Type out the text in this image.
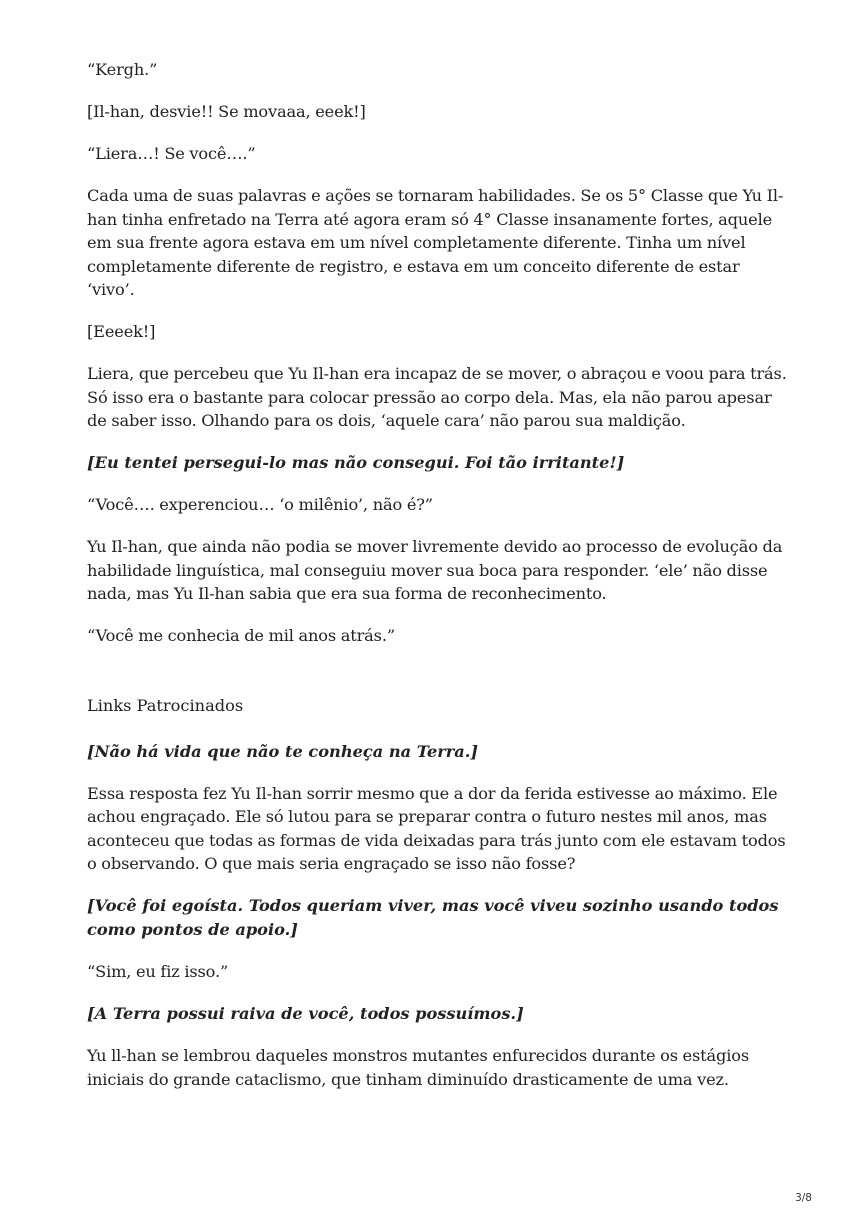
“Kergh.”

[Il-han, desvie!! Se movaaa, eeek!]

“Liera…! Se você….”

Cada uma de suas palavras e ações se tornaram habilidades. Se os 5° Classe que Yu Il-han tinha enfretado na Terra até agora eram só 4° Classe insanamente fortes, aquele em sua frente agora estava em um nível completamente diferente. Tinha um nível completamente diferente de registro, e estava em um conceito diferente de estar ‘vivo’.

[Eeeek!]

Liera, que percebeu que Yu Il-han era incapaz de se mover, o abraçou e voou para trás. Só isso era o bastante para colocar pressão ao corpo dela. Mas, ela não parou apesar de saber isso. Olhando para os dois, ‘aquele cara’ não parou sua maldição.

[Eu tentei persegui-lo mas não consegui. Foi tão irritante!]

“Você…. experenciou… ‘o milênio’, não é?”

Yu Il-han, que ainda não podia se mover livremente devido ao processo de evolução da habilidade linguística, mal conseguiu mover sua boca para responder. ‘ele’ não disse nada, mas Yu Il-han sabia que era sua forma de reconhecimento.

“Você me conhecia de mil anos atrás.”

Links Patrocinados

[Não há vida que não te conheça na Terra.]

Essa resposta fez Yu Il-han sorrir mesmo que a dor da ferida estivesse ao máximo. Ele achou engraçado. Ele só lutou para se preparar contra o futuro nestes mil anos, mas aconteceu que todas as formas de vida deixadas para trás junto com ele estavam todos o observando. O que mais seria engraçado se isso não fosse?

[Você foi egoísta. Todos queriam viver, mas você viveu sozinho usando todos como pontos de apoio.]

“Sim, eu fiz isso.”

[A Terra possui raiva de você, todos possuímos.]

Yu ll-han se lembrou daqueles monstros mutantes enfurecidos durante os estágios iniciais do grande cataclismo, que tinham diminuído drasticamente de uma vez.

3/8
